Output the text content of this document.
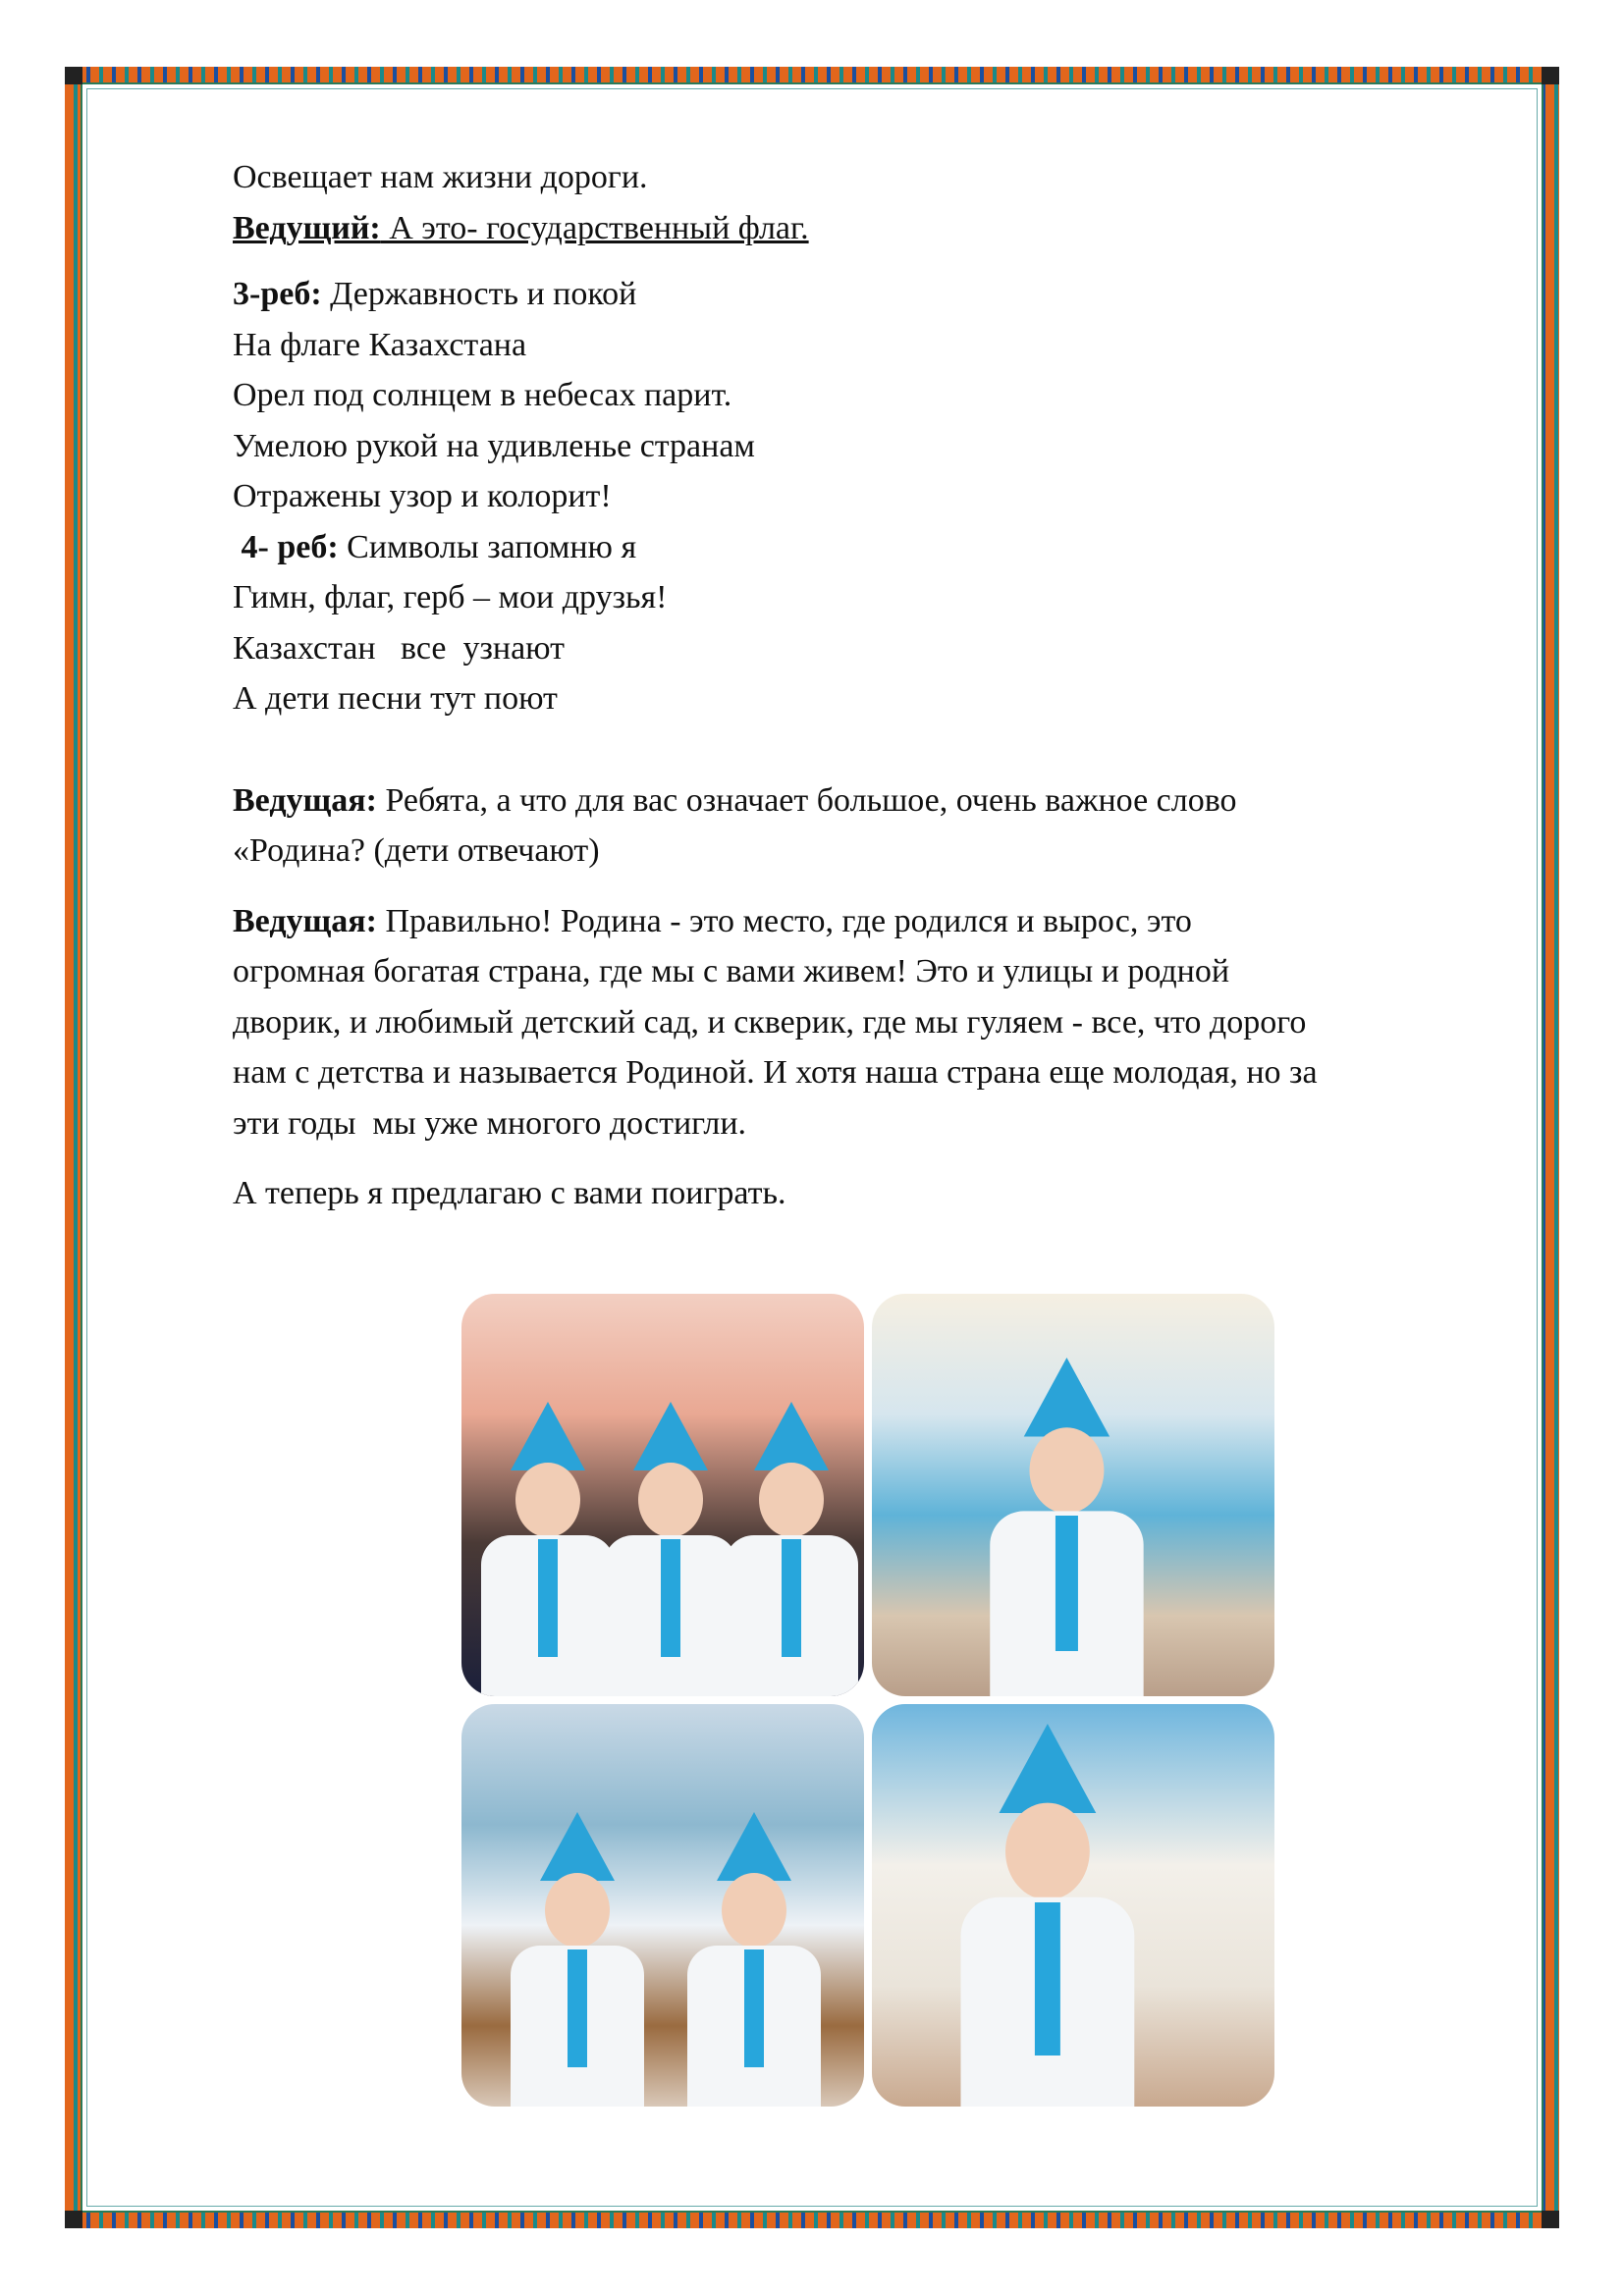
Освещает нам жизни дороги.

Ведущий: А это- государственный флаг.

3-реб: Державность и покой

На флаге Казахстана

Орел под солнцем в небесах парит.

Умелою рукой на удивленье странам

Отражены узор и колорит!

4- реб: Символы запомню я

Гимн, флаг, герб – мои друзья!

Казахстан   все  узнают

А дети песни тут поют

Ведущая: Ребята, а что для вас означает большое, очень важное слово

«Родина? (дети отвечают)

Ведущая: Правильно! Родина - это место, где родился и вырос, это

огромная богатая страна, где мы с вами живем! Это и улицы и родной

дворик, и любимый детский сад, и скверик, где мы гуляем - все, что дорого

нам с детства и называется Родиной. И хотя наша страна еще молодая, но за

эти годы  мы уже многого достигли.

А теперь я предлагаю с вами поиграть.
